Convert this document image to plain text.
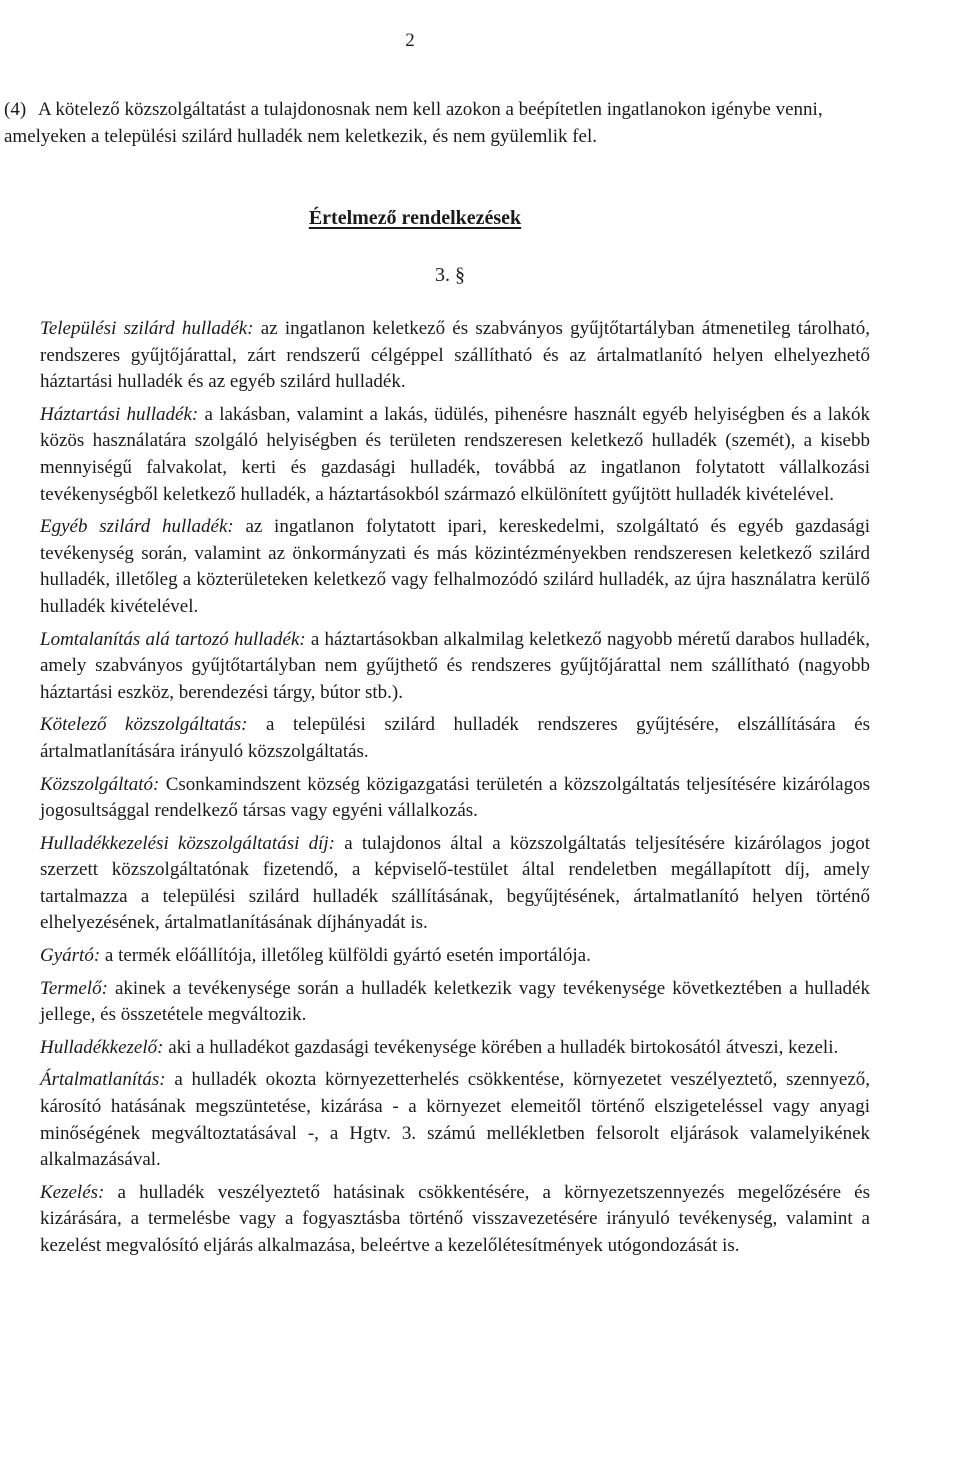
2

(4) A kötelező közszolgáltatást a tulajdonosnak nem kell azokon a beépítetlen ingatlanokon igénybe venni, amelyeken a települési szilárd hulladék nem keletkezik, és nem gyülemlik fel.

Értelmező rendelkezések
3. §

Települési szilárd hulladék: az ingatlanon keletkező és szabványos gyűjtőtartályban átmenetileg tárolható, rendszeres gyűjtőjárattal, zárt rendszerű célgéppel szállítható és az ártalmatlanító helyen elhelyezhető háztartási hulladék és az egyéb szilárd hulladék.

Háztartási hulladék: a lakásban, valamint a lakás, üdülés, pihenésre használt egyéb helyiségben és a lakók közös használatára szolgáló helyiségben és területen rendszeresen keletkező hulladék (szemét), a kisebb mennyiségű falvakolat, kerti és gazdasági hulladék, továbbá az ingatlanon folytatott vállalkozási tevékenységből keletkező hulladék, a háztartásokból származó elkülönített gyűjtött hulladék kivételével.

Egyéb szilárd hulladék: az ingatlanon folytatott ipari, kereskedelmi, szolgáltató és egyéb gazdasági tevékenység során, valamint az önkormányzati és más közintézményekben rendszeresen keletkező szilárd hulladék, illetőleg a közterületeken keletkező vagy felhalmozódó szilárd hulladék, az újra használatra kerülő hulladék kivételével.

Lomtalanítás alá tartozó hulladék: a háztartásokban alkalmilag keletkező nagyobb méretű darabos hulladék, amely szabványos gyűjtőtartályban nem gyűjthető és rendszeres gyűjtőjárattal nem szállítható (nagyobb háztartási eszköz, berendezési tárgy, bútor stb.).

Kötelező közszolgáltatás: a települési szilárd hulladék rendszeres gyűjtésére, elszállítására és ártalmatlanítására irányuló közszolgáltatás.

Közszolgáltató: Csonkamindszent község közigazgatási területén a közszolgáltatás teljesítésére kizárólagos jogosultsággal rendelkező társas vagy egyéni vállalkozás.

Hulladékkezelési közszolgáltatási díj: a tulajdonos által a közszolgáltatás teljesítésére kizárólagos jogot szerzett közszolgáltatónak fizetendő, a képviselő-testület által rendeletben megállapított díj, amely tartalmazza a települési szilárd hulladék szállításának, begyűjtésének, ártalmatlanító helyen történő elhelyezésének, ártalmatlanításának díjhányadát is.

Gyártó: a termék előállítója, illetőleg külföldi gyártó esetén importálója.

Termelő: akinek a tevékenysége során a hulladék keletkezik vagy tevékenysége következtében a hulladék jellege, és összetétele megváltozik.

Hulladékkezelő: aki a hulladékot gazdasági tevékenysége körében a hulladék birtokosától átveszi, kezeli.

Ártalmatlanítás: a hulladék okozta környezetterhelés csökkentése, környezetet veszélyeztető, szennyező, károsító hatásának megszüntetése, kizárása - a környezet elemeitől történő elszigeteléssel vagy anyagi minőségének megváltoztatásával -, a Hgtv. 3. számú mellékletben felsorolt eljárások valamelyikének alkalmazásával.

Kezelés: a hulladék veszélyeztető hatásinak csökkentésére, a környezetszennyezés megelőzésére és kizárására, a termelésbe vagy a fogyasztásba történő visszavezetésére irányuló tevékenység, valamint a kezelést megvalósító eljárás alkalmazása, beleértve a kezelőlétesítmények utógondozását is.
